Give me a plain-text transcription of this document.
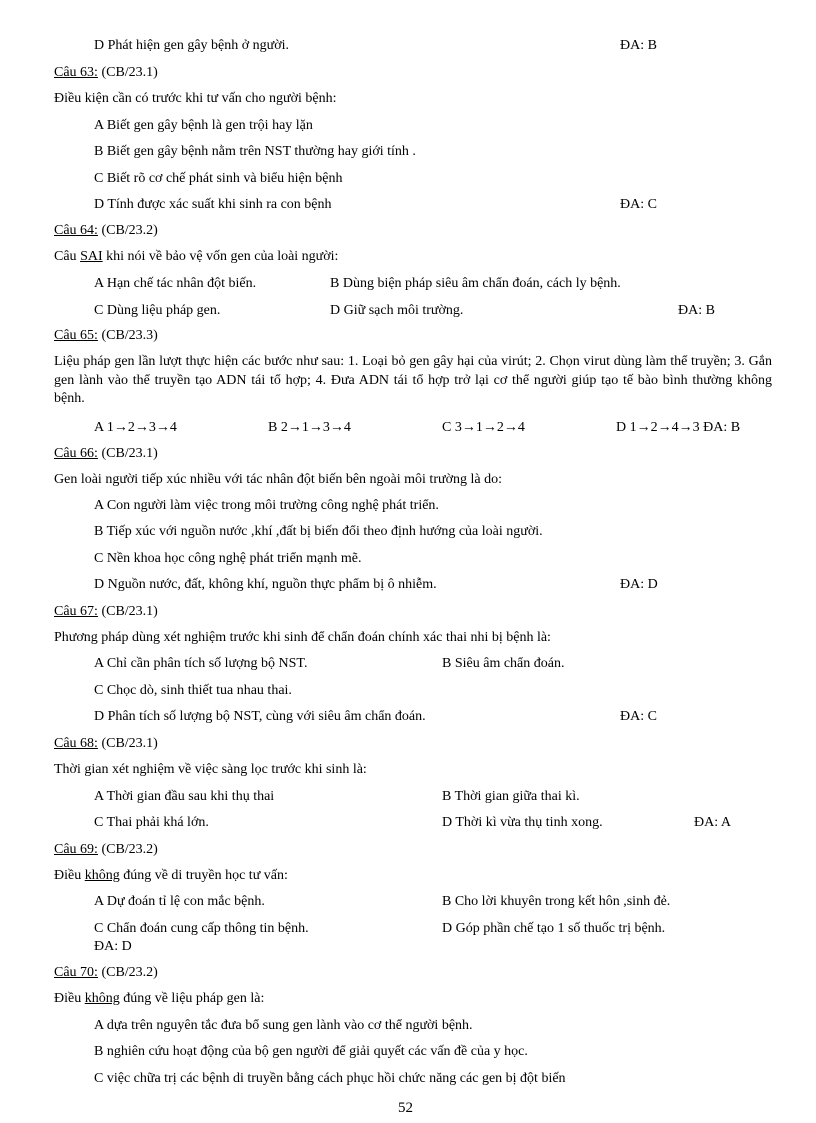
D Phát hiện gen gây bệnh ở người.	ĐA: B
Câu 63: (CB/23.1)
Điều kiện cần có trước khi tư vấn cho người bệnh:
A Biết gen gây bệnh là gen trội hay lặn
B Biết gen gây bệnh nằm trên NST thường hay giới tính .
C Biết rõ cơ chế phát sinh và biểu hiện bệnh
D Tính được xác suất khi sinh ra con bệnh	ĐA: C
Câu 64: (CB/23.2)
Câu SAI khi nói về bảo vệ vốn gen của loài người:
A Hạn chế tác nhân đột biến.	B Dùng biện pháp siêu âm chẩn đoán, cách ly bệnh.
C Dùng liệu pháp gen.	D Giữ sạch môi trường.	ĐA: B
Câu 65: (CB/23.3)
Liệu pháp gen lần lượt thực hiện các bước như sau: 1. Loại bỏ gen gây hại của virút; 2. Chọn virut dùng làm thể truyền; 3. Gắn gen lành vào thể truyền tạo ADN tái tổ hợp; 4. Đưa ADN tái tổ hợp trở lại cơ thể người giúp tạo tế bào bình thường không bệnh.
A 1→2→3→4	B 2→1→3→4	C 3→1→2→4	D 1→2→4→3 ĐA: B
Câu 66: (CB/23.1)
Gen loài người tiếp xúc nhiều với tác nhân đột biến bên ngoài môi trường là do:
A Con người làm việc trong môi trường công nghệ phát triển.
B Tiếp xúc với nguồn nước ,khí ,đất bị biến đổi theo định hướng của loài người.
C Nền khoa học công nghệ phát triển mạnh mẽ.
D Nguồn nước, đất, không khí, nguồn thực phẩm bị ô nhiễm.	ĐA: D
Câu 67: (CB/23.1)
Phương pháp dùng xét nghiệm trước khi sinh để chẩn đoán chính xác thai nhi bị bệnh là:
A Chỉ cần phân tích số lượng bộ NST.	B Siêu âm chẩn đoán.
C Chọc dò, sinh thiết tua nhau thai.
D Phân tích số lượng bộ NST, cùng với siêu âm chẩn đoán.	ĐA: C
Câu 68: (CB/23.1)
Thời gian xét nghiệm về việc sàng lọc trước khi sinh là:
A Thời gian đầu sau khi thụ thai	B Thời gian giữa thai kì.
C Thai phải khá lớn.	D Thời kì vừa thụ tinh xong.	ĐA: A
Câu 69: (CB/23.2)
Điều không đúng về di truyền học tư vấn:
A Dự đoán tỉ lệ con mắc bệnh.	B Cho lời khuyên trong kết hôn ,sinh đẻ.
C Chẩn đoán cung cấp thông tin bệnh.	D Góp phần chế tạo 1 số thuốc trị bệnh.
ĐA: D
Câu 70: (CB/23.2)
Điều không đúng về liệu pháp gen là:
A dựa trên nguyên tắc đưa bổ sung gen lành vào cơ thể người bệnh.
B nghiên cứu hoạt động của bộ gen người để giải quyết các vấn đề của y học.
C việc chữa trị các bệnh di truyền bằng cách phục hồi chức năng các gen bị đột biến
52
